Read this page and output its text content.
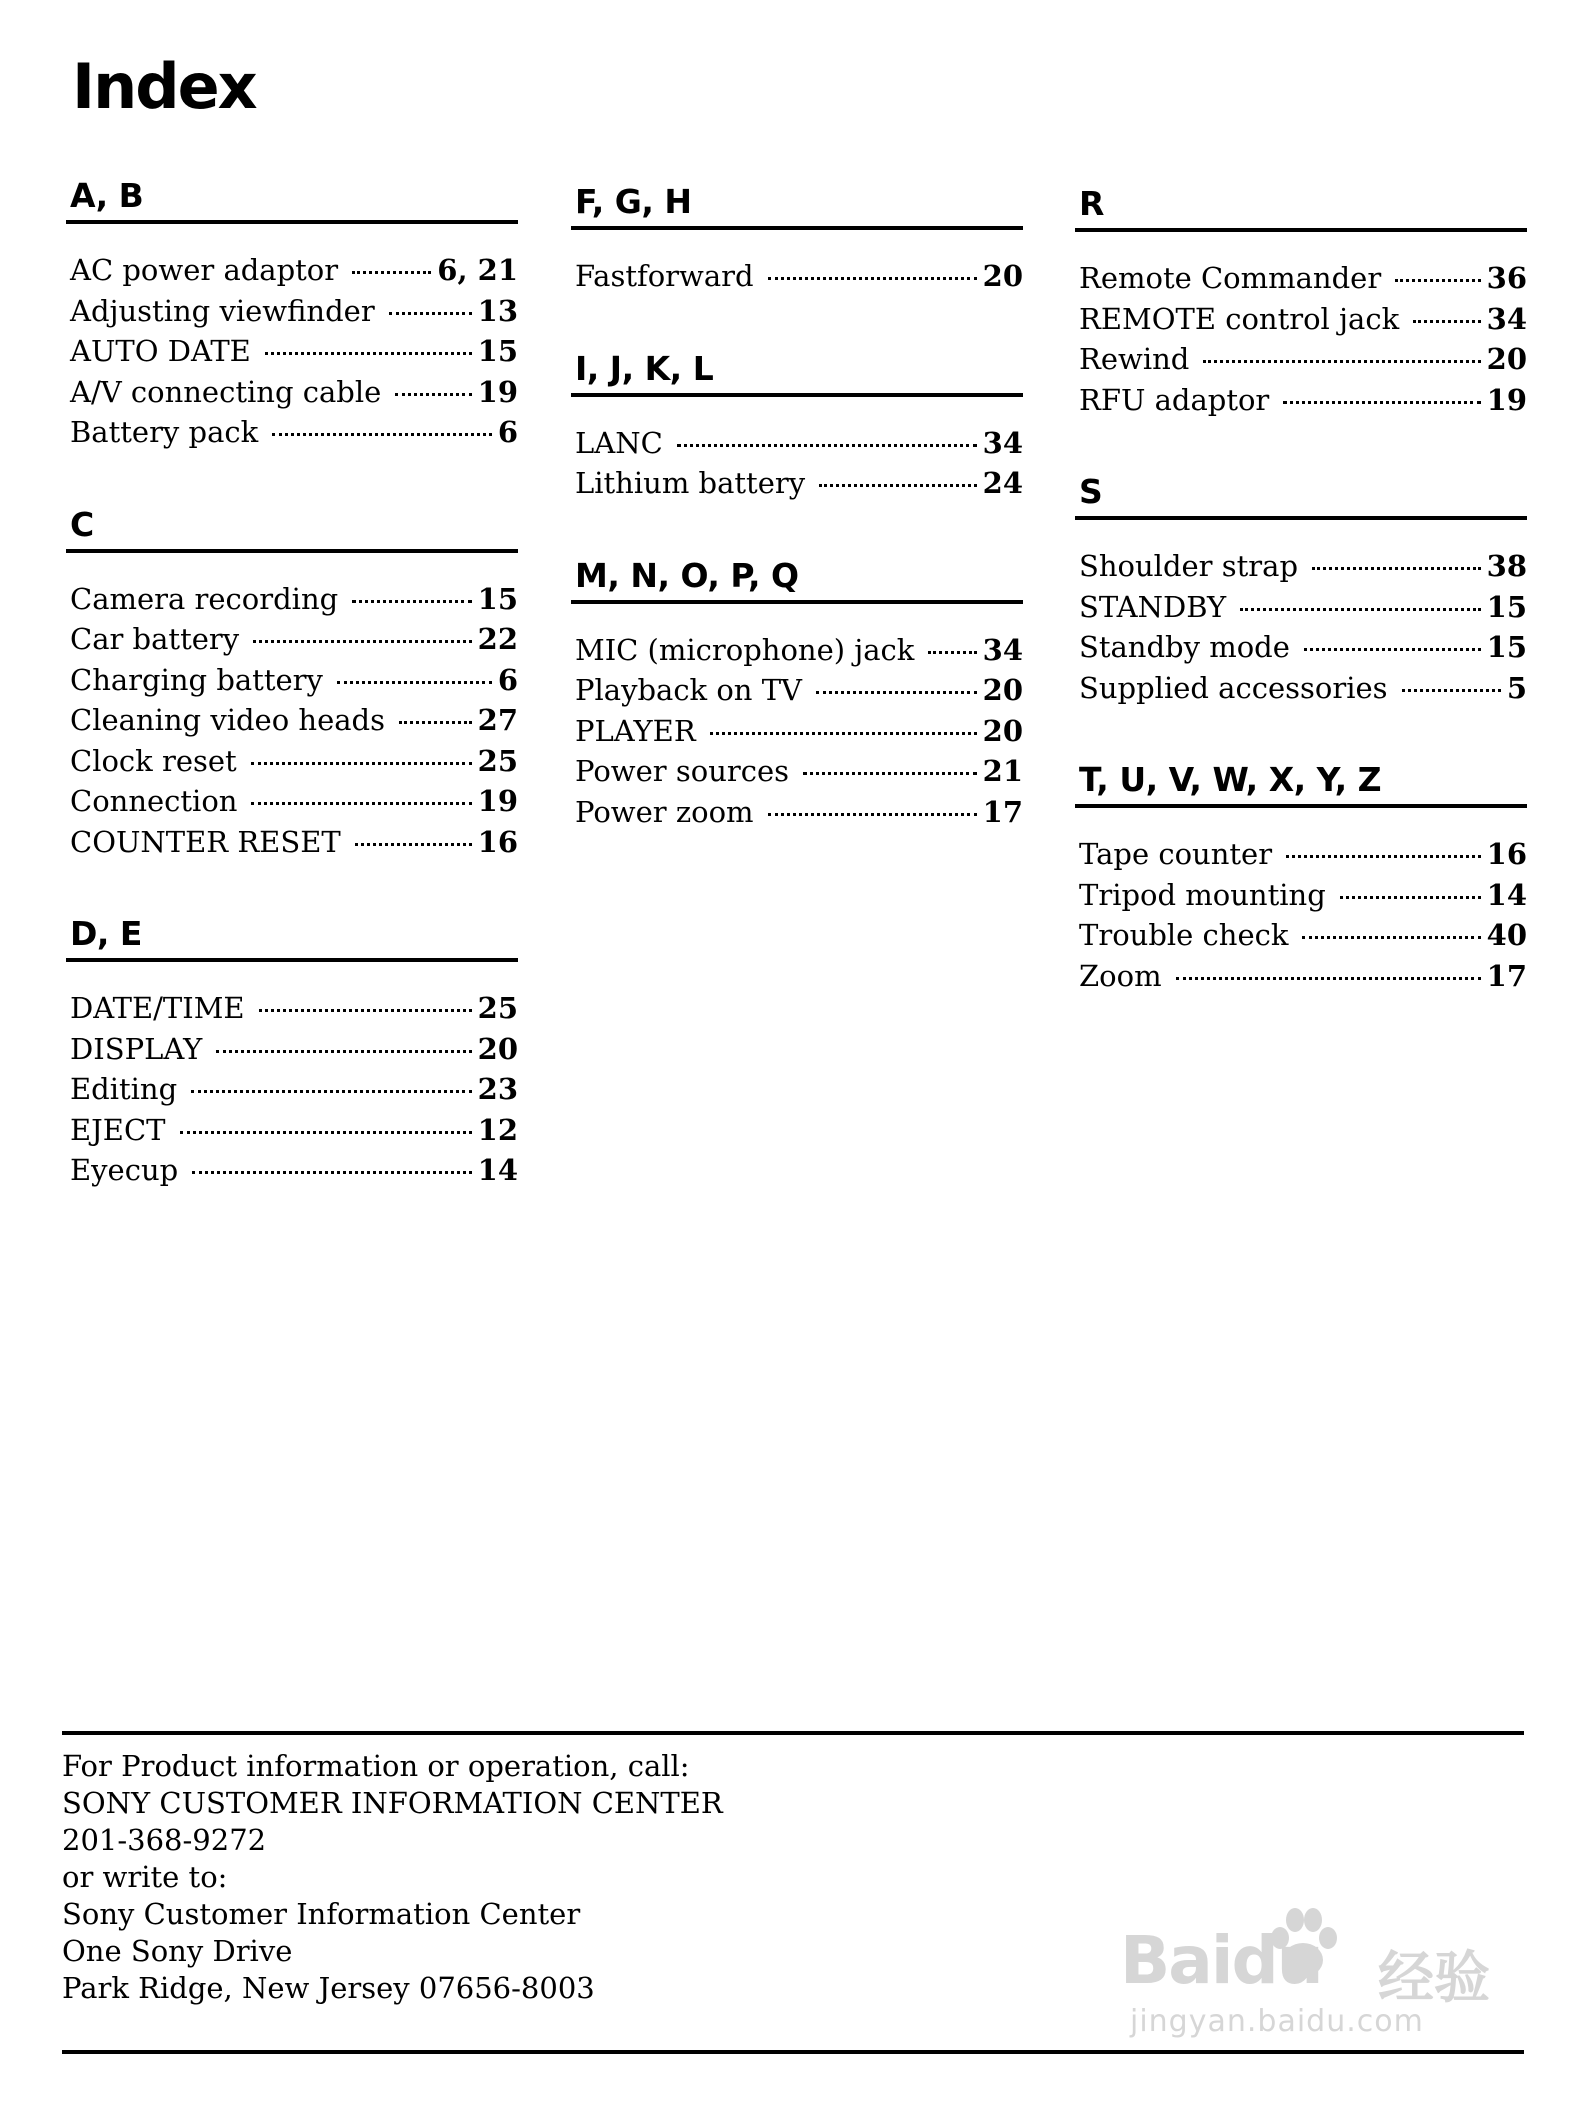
Index
A, B
AC power adaptor	6, 21
Adjusting viewfinder	13
AUTO DATE	15
A/V connecting cable	19
Battery pack	6
C
Camera recording	15
Car battery	22
Charging battery	6
Cleaning video heads	27
Clock reset	25
Connection	19
COUNTER RESET	16
D, E
DATE/TIME	25
DISPLAY	20
Editing	23
EJECT	12
Eyecup	14
F, G, H
Fastforward	20
I, J, K, L
LANC	34
Lithium battery	24
M, N, O, P, Q
MIC (microphone) jack 34
Playback on TV	20
PLAYER	20
Power sources	21
Power zoom	17
R
Remote Commander	36
REMOTE control jack	34
Rewind	20
RFU adaptor	19
S
Shoulder strap	38
STANDBY	15
Standby mode	15
Supplied accessories	5
T, U, V, W, X, Y, Z
Tape counter	16
Tripod mounting	14
Trouble check	40
Zoom	17
For Product information or operation, call:
SONY CUSTOMER INFORMATION CENTER
201-368-9272
or write to:
Sony Customer Information Center
One Sony Drive
Park Ridge, New Jersey 07656-8003	Baidu 经验
jingyan.baidu.com
